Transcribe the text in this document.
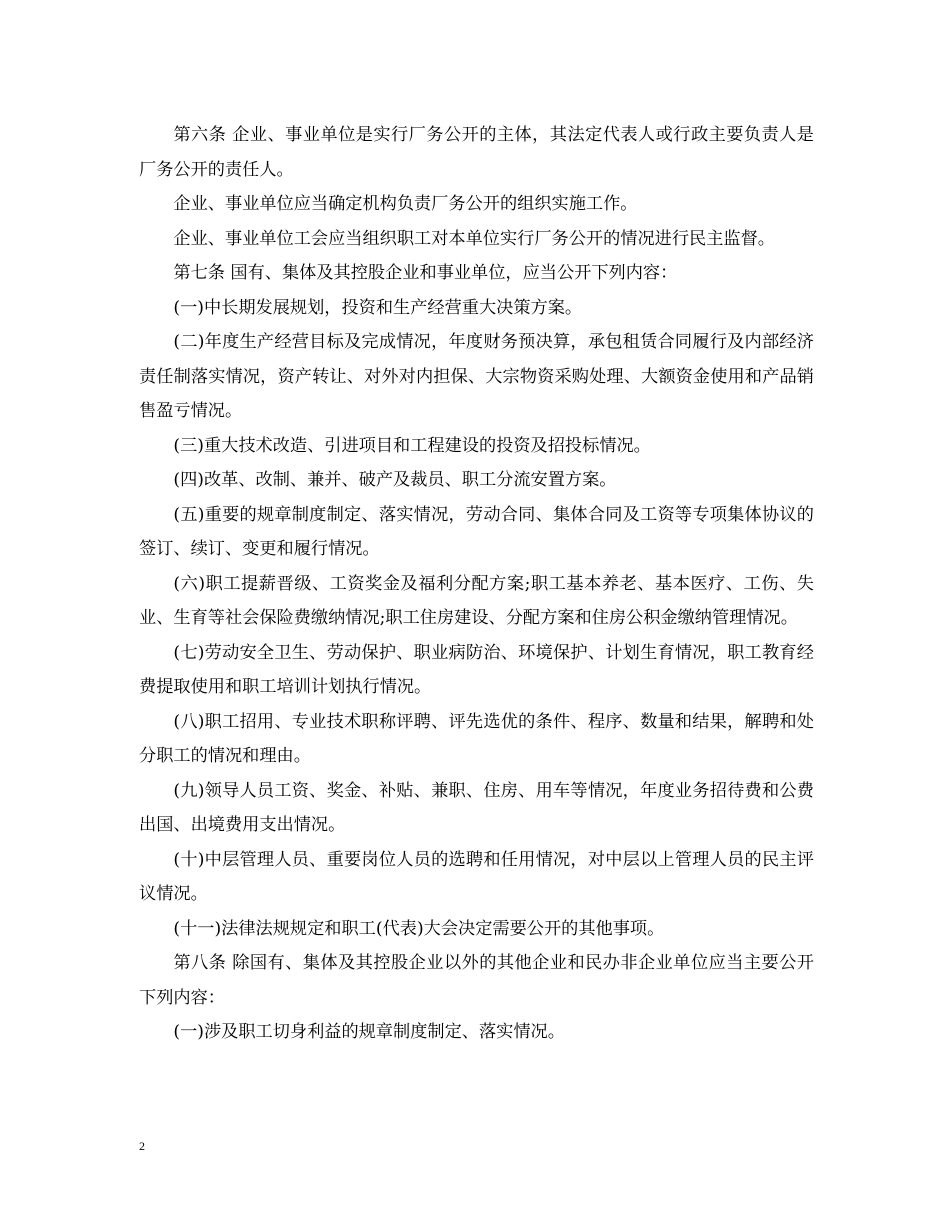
第六条 企业、事业单位是实行厂务公开的主体，其法定代表人或行政主要负责人是厂务公开的责任人。

企业、事业单位应当确定机构负责厂务公开的组织实施工作。

企业、事业单位工会应当组织职工对本单位实行厂务公开的情况进行民主监督。

第七条 国有、集体及其控股企业和事业单位，应当公开下列内容：

(一)中长期发展规划，投资和生产经营重大决策方案。

(二)年度生产经营目标及完成情况，年度财务预决算，承包租赁合同履行及内部经济责任制落实情况，资产转让、对外对内担保、大宗物资采购处理、大额资金使用和产品销售盈亏情况。

(三)重大技术改造、引进项目和工程建设的投资及招投标情况。

(四)改革、改制、兼并、破产及裁员、职工分流安置方案。

(五)重要的规章制度制定、落实情况，劳动合同、集体合同及工资等专项集体协议的签订、续订、变更和履行情况。

(六)职工提薪晋级、工资奖金及福利分配方案;职工基本养老、基本医疗、工伤、失业、生育等社会保险费缴纳情况;职工住房建设、分配方案和住房公积金缴纳管理情况。

(七)劳动安全卫生、劳动保护、职业病防治、环境保护、计划生育情况，职工教育经费提取使用和职工培训计划执行情况。

(八)职工招用、专业技术职称评聘、评先选优的条件、程序、数量和结果，解聘和处分职工的情况和理由。

(九)领导人员工资、奖金、补贴、兼职、住房、用车等情况，年度业务招待费和公费出国、出境费用支出情况。

(十)中层管理人员、重要岗位人员的选聘和任用情况，对中层以上管理人员的民主评议情况。

(十一)法律法规规定和职工(代表)大会决定需要公开的其他事项。

第八条 除国有、集体及其控股企业以外的其他企业和民办非企业单位应当主要公开下列内容：

(一)涉及职工切身利益的规章制度制定、落实情况。

2
